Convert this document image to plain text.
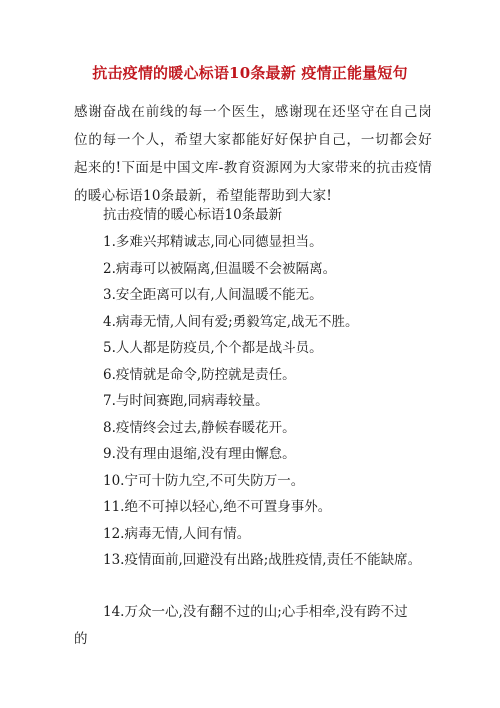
抗击疫情的暖心标语10条最新 疫情正能量短句
感谢奋战在前线的每一个医生，感谢现在还坚守在自己岗位的每一个人，希望大家都能好好保护自己，一切都会好起来的!下面是中国文库-教育资源网为大家带来的抗击疫情的暖心标语10条最新，希望能帮助到大家!
抗击疫情的暖心标语10条最新
1.多难兴邦精诚志,同心同德显担当。
2.病毒可以被隔离,但温暖不会被隔离。
3.安全距离可以有,人间温暖不能无。
4.病毒无情,人间有爱;勇毅笃定,战无不胜。
5.人人都是防疫员,个个都是战斗员。
6.疫情就是命令,防控就是责任。
7.与时间赛跑,同病毒较量。
8.疫情终会过去,静候春暖花开。
9.没有理由退缩,没有理由懈怠。
10.宁可十防九空,不可失防万一。
11.绝不可掉以轻心,绝不可置身事外。
12.病毒无情,人间有情。
13.疫情面前,回避没有出路;战胜疫情,责任不能缺席。
14.万众一心,没有翻不过的山;心手相牵,没有跨不过
的
